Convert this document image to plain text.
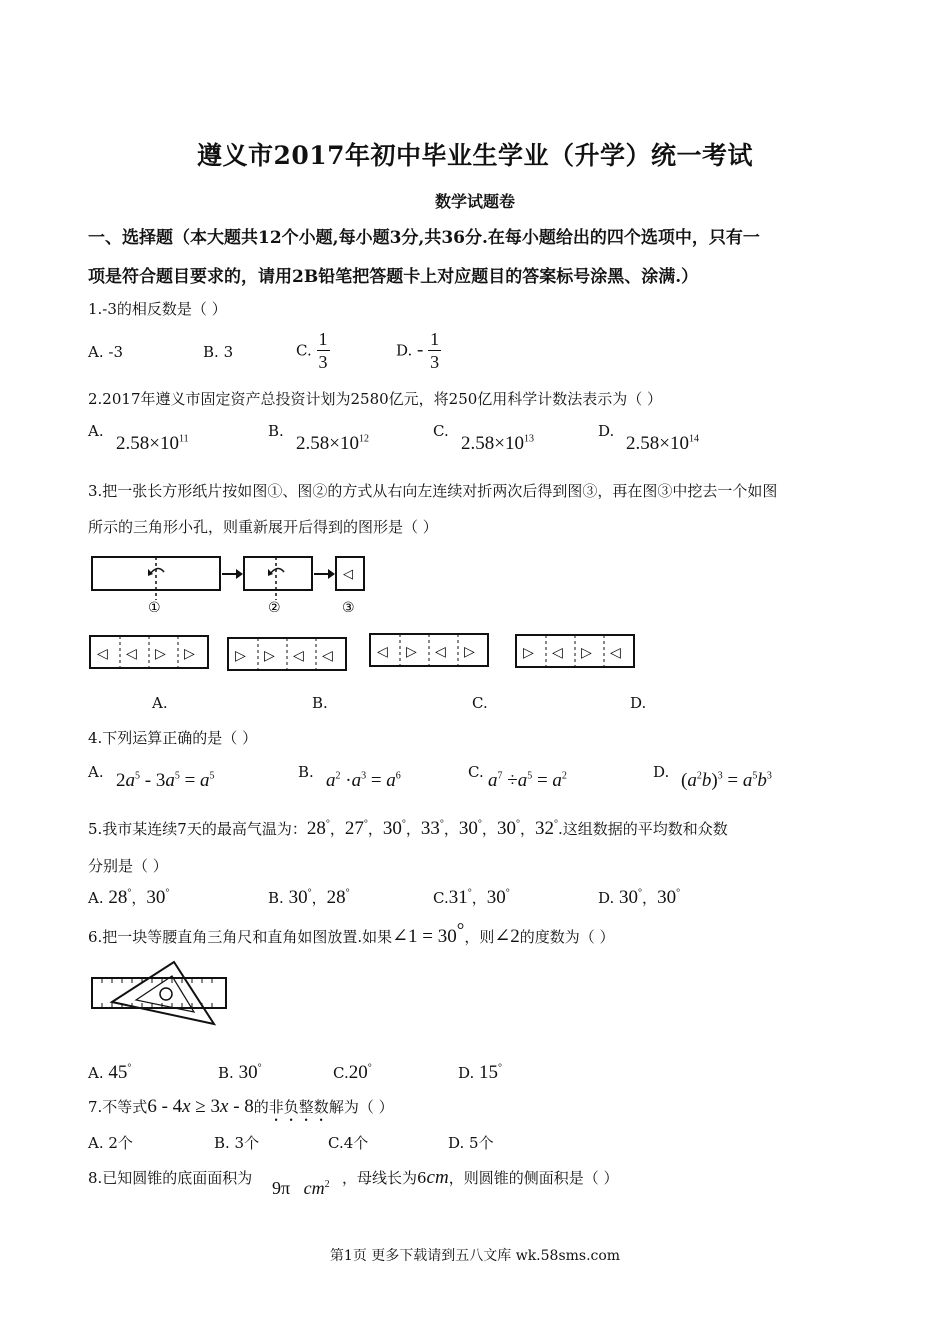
遵义市2017年初中毕业生学业（升学）统一考试
数学试题卷
一、选择题（本大题共12个小题,每小题3分,共36分.在每小题给出的四个选项中，只有一
项是符合题目要求的，请用2B铅笔把答题卡上对应题目的答案标号涂黑、涂满.）
1.-3的相反数是（ ）
A. -3	B. 3	C. $\frac{1}{3}$	D. - $\frac{1}{3}$
2.2017年遵义市固定资产总投资计划为2580亿元，将250亿用科学计数法表示为（ ）
A.
$2.58\times 10^{11}$	B.
$2.58\times 10^{12}$	C.
$2.58\times 10^{13}$	D.
$2.58\times 10^{14}$
3.把一张长方形纸片按如图①、图②的方式从右向左连续对折两次后得到图③，再在图③中挖去一个如图
所示的三角形小孔，则重新展开后得到的图形是（ ）
◁
①	②	③
◁ ◁ ▷ ▷	▷ ▷ ◁ ◁	◁ ▷ ◁ ▷	▷ ◁ ▷ ◁
A.	B.	C.	D.
4.下列运算正确的是（ ）
A. $2a^5 - 3a^5 = a^5$	B. $a^2 \cdot a^3 = a^6$	C. $a^7 \div a^5 = a^2$	D. $(a^2b)^3 = a^5b^3$
5.我市某连续7天的最高气温为：28°，27°，30°，33°，30°，30°，32°.这组数据的平均数和众数
分别是（ ）
A. 28°，30°	B. 30°，28°	C.31°，30°	D. 30°，30°
6.把一块等腰直角三角尺和直角如图放置.如果∠1 = 30°，则∠2的度数为（ ）
A. 45°	B. 30°	C.20°	D. 15°
7.不等式6 - 4x ≥ 3x - 8的非负整数解为（ ）
A. 2个	B. 3个	C.4个	D. 5个
8.已知圆锥的底面面积为 9π $cm^2$ ，母线长为6cm，则圆锥的侧面积是（ ）
第1页 更多下载请到五八文库 wk.58sms.com
